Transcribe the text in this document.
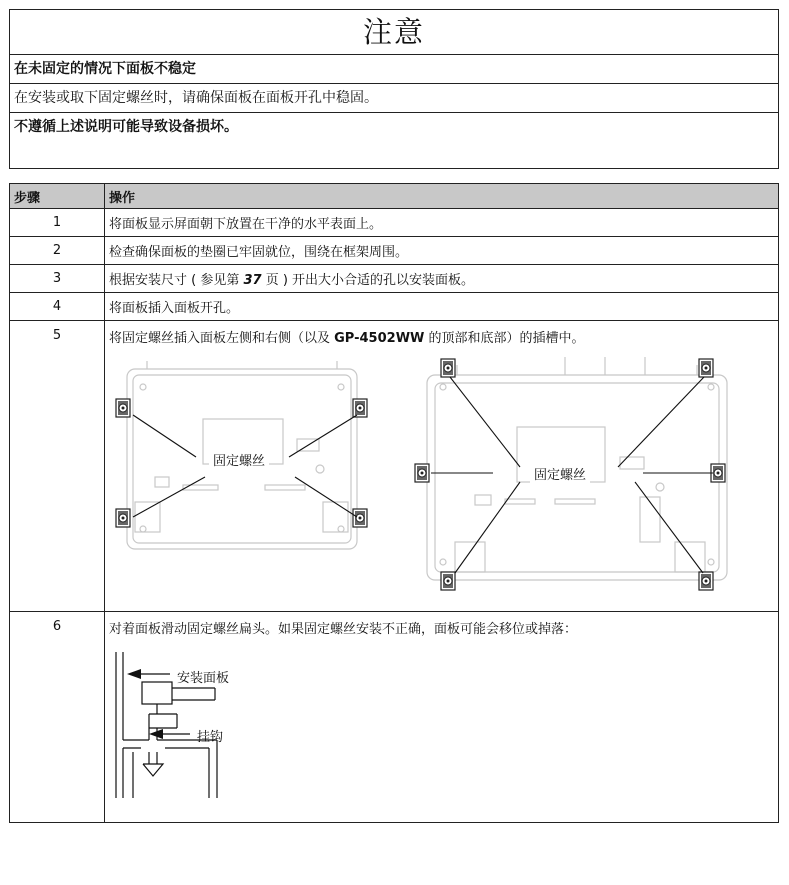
注意
在未固定的情况下面板不稳定
在安装或取下固定螺丝时，请确保面板在面板开孔中稳固。
不遵循上述说明可能导致设备损坏。
步骤	操作
1	将面板显示屏面朝下放置在干净的水平表面上。
2	检查确保面板的垫圈已牢固就位，围绕在框架周围。
3	根据安装尺寸 ( 参见第 37 页 ) 开出大小合适的孔以安装面板。
4	将面板插入面板开孔。
5	将固定螺丝插入面板左侧和右侧（以及 GP-4502WW 的顶部和底部）的插槽中。
固定螺丝
固定螺丝

6	对着面板滑动固定螺丝扁头。如果固定螺丝安装不正确，面板可能会移位或掉落：
安装面板
挂钩
